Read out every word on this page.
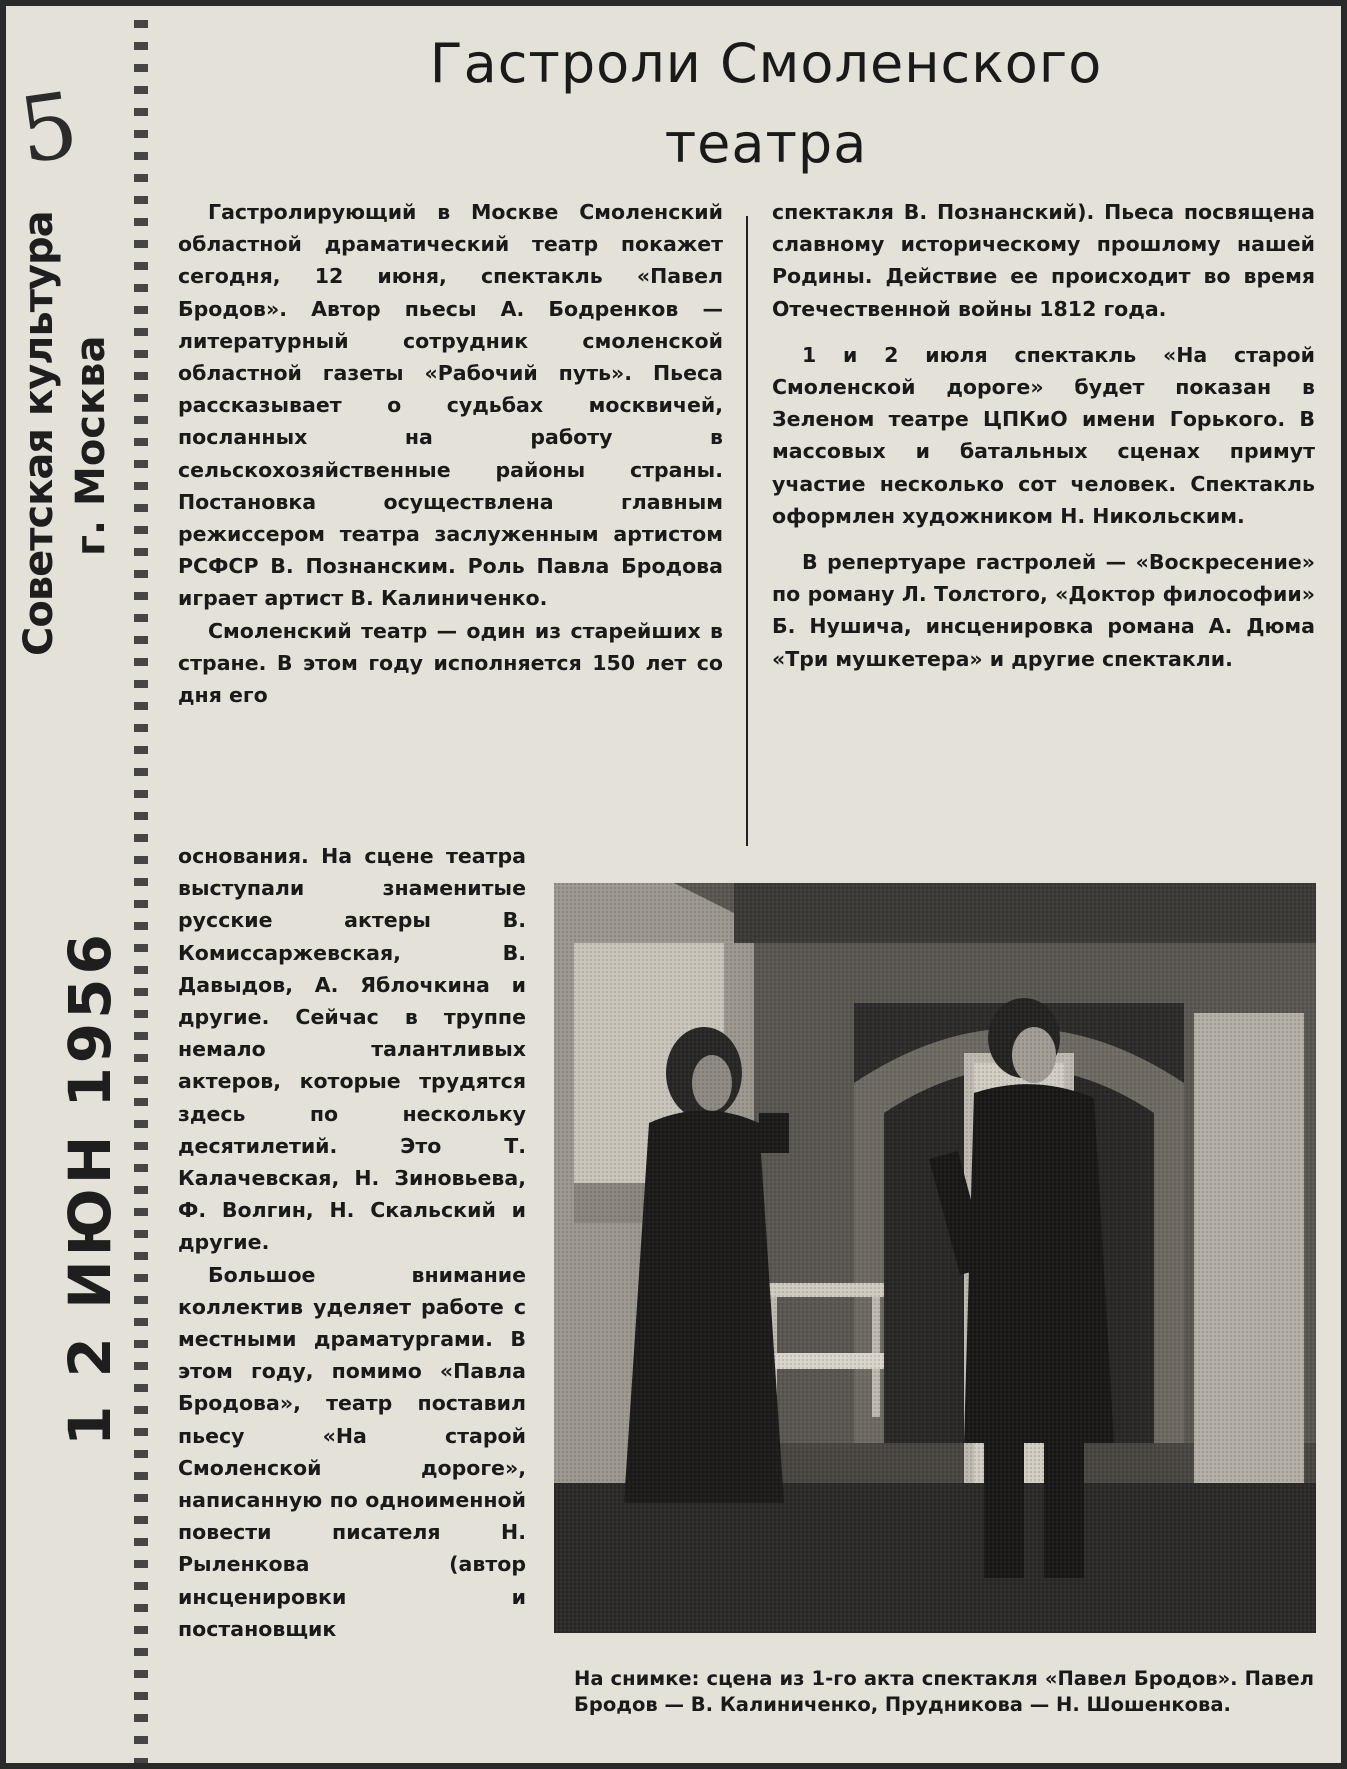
5
Советская культура г. Москва
1 2 ИЮН 1956
Гастроли Смоленского
театра

Гастролирующий в Москве Смоленский областной драматический театр покажет сегодня, 12 июня, спектакль «Павел Бродов». Автор пьесы А. Бодренков — литературный сотрудник смоленской областной газеты «Рабочий путь». Пьеса рассказывает о судьбах москвичей, посланных на работу в сельскохозяйственные районы страны. Постановка осуществлена главным режиссером театра заслуженным артистом РСФСР В. Познанским. Роль Павла Бродова играет артист В. Калиниченко.

Смоленский театр — один из старейших в стране. В этом году исполняется 150 лет со дня его

основания. На сцене театра выступали знаменитые русские актеры В. Комиссаржевская, В. Давыдов, А. Яблочкина и другие. Сейчас в труппе немало талантливых актеров, которые трудятся здесь по нескольку десятилетий. Это Т. Калачевская, Н. Зиновьева, Ф. Волгин, Н. Скальский и другие.

Большое внимание коллектив уделяет работе с местными драматургами. В этом году, помимо «Павла Бродова», театр поставил пьесу «На старой Смоленской дороге», написанную по одноименной повести писателя Н. Рыленкова (автор инсценировки и постановщик

спектакля В. Познанский). Пьеса посвящена славному историческому прошлому нашей Родины. Действие ее происходит во время Отечественной войны 1812 года.

1 и 2 июля спектакль «На старой Смоленской дороге» будет показан в Зеленом театре ЦПКиО имени Горького. В массовых и батальных сценах примут участие несколько сот человек. Спектакль оформлен художником Н. Никольским.

В репертуаре гастролей — «Воскресение» по роману Л. Толстого, «Доктор философии» Б. Нушича, инсценировка романа А. Дюма «Три мушкетера» и другие спектакли.

На снимке: сцена из 1-го акта спектакля «Павел Бродов». Павел Бродов — В. Калиниченко, Прудникова — Н. Шошенкова.
